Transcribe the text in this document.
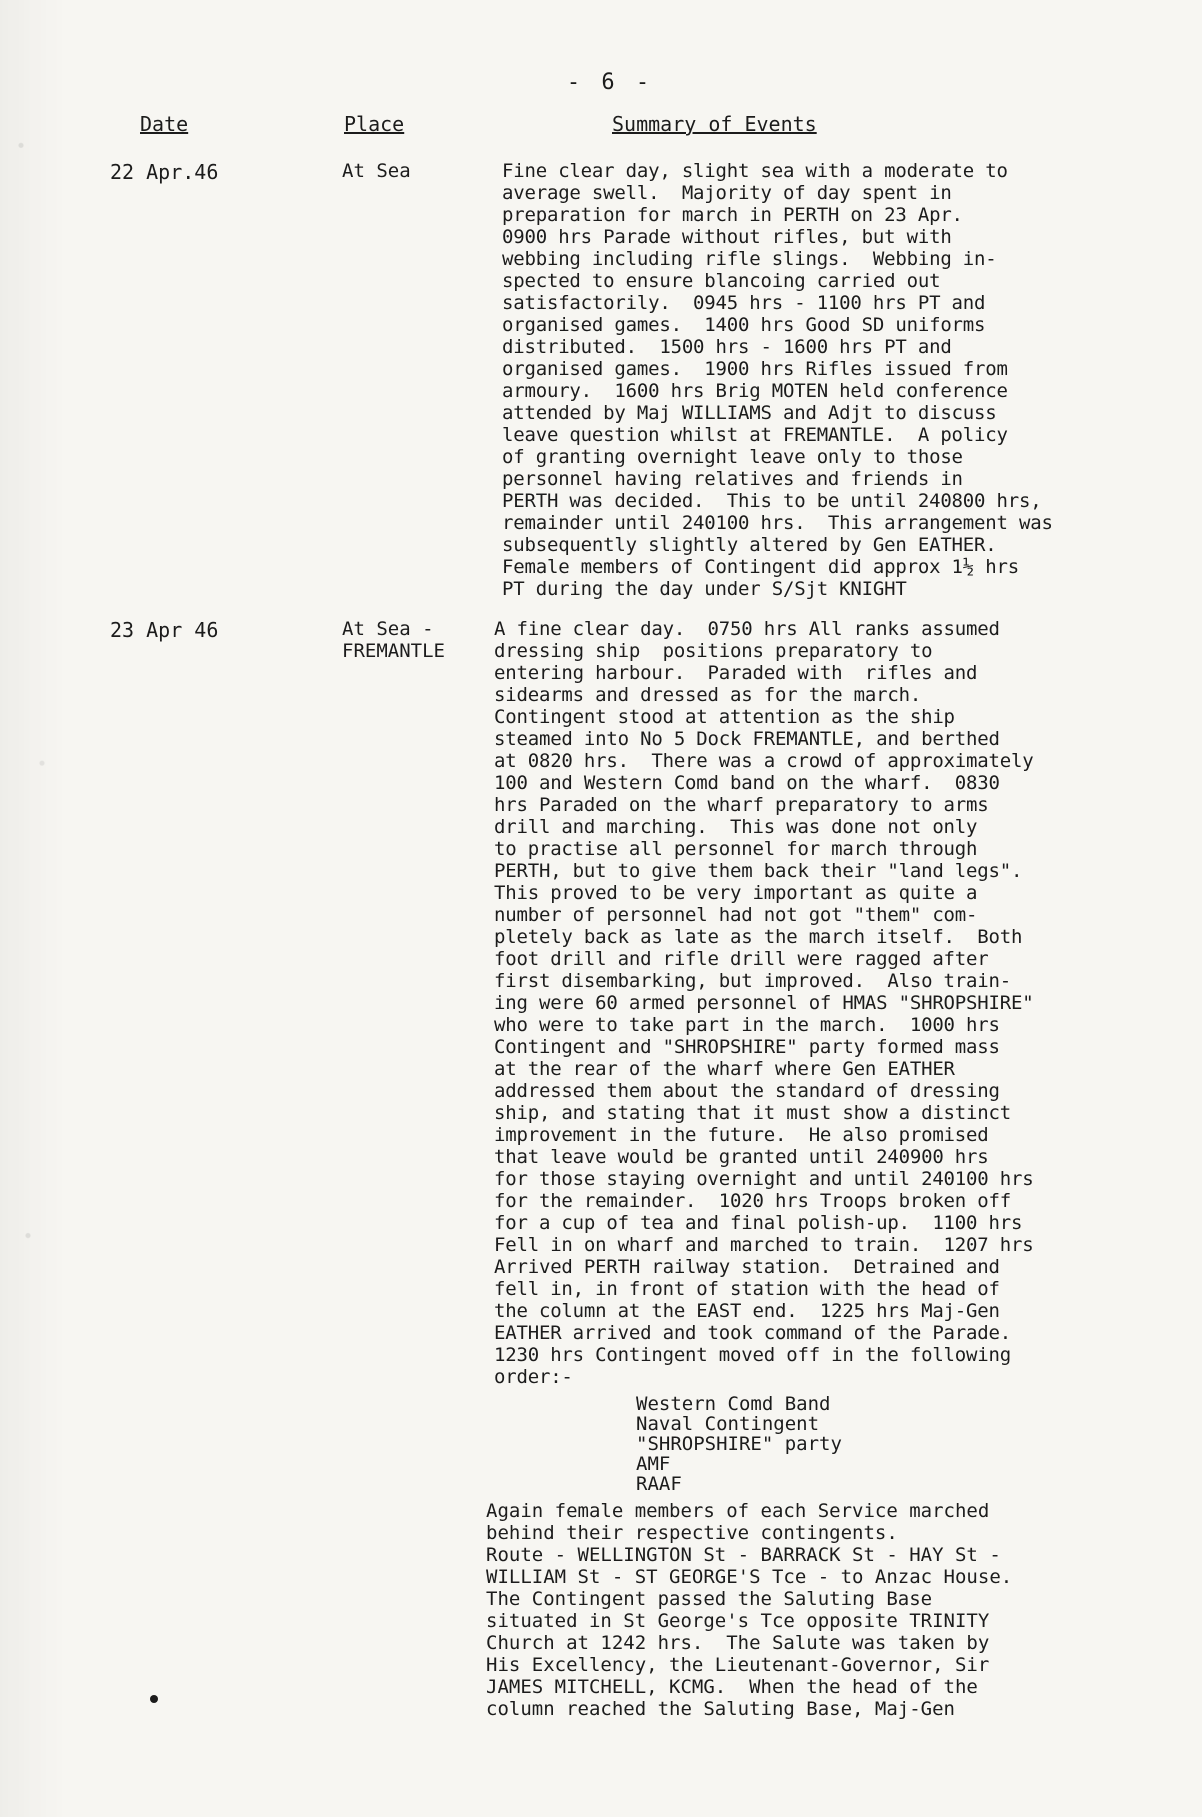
- 6 -
Date	Place	Summary of Events
22 Apr.46	At Sea	Fine clear day, slight sea with a moderate to
average swell.  Majority of day spent in
preparation for march in PERTH on 23 Apr.
0900 hrs Parade without rifles, but with
webbing including rifle slings.  Webbing in-
spected to ensure blancoing carried out
satisfactorily.  0945 hrs - 1100 hrs PT and
organised games.  1400 hrs Good SD uniforms
distributed.  1500 hrs - 1600 hrs PT and
organised games.  1900 hrs Rifles issued from
armoury.  1600 hrs Brig MOTEN held conference
attended by Maj WILLIAMS and Adjt to discuss
leave question whilst at FREMANTLE.  A policy
of granting overnight leave only to those
personnel having relatives and friends in
PERTH was decided.  This to be until 240800 hrs,
remainder until 240100 hrs.  This arrangement was
subsequently slightly altered by Gen EATHER.
Female members of Contingent did approx 1½ hrs
PT during the day under S/Sjt KNIGHT
23 Apr 46	At Sea -
FREMANTLE
A fine clear day.  0750 hrs All ranks assumed
dressing ship  positions preparatory to
entering harbour.  Paraded with  rifles and
sidearms and dressed as for the march.
Contingent stood at attention as the ship
steamed into No 5 Dock FREMANTLE, and berthed
at 0820 hrs.  There was a crowd of approximately
100 and Western Comd band on the wharf.  0830
hrs Paraded on the wharf preparatory to arms
drill and marching.  This was done not only
to practise all personnel for march through
PERTH, but to give them back their "land legs".
This proved to be very important as quite a
number of personnel had not got "them" com-
pletely back as late as the march itself.  Both
foot drill and rifle drill were ragged after
first disembarking, but improved.  Also train-
ing were 60 armed personnel of HMAS "SHROPSHIRE"
who were to take part in the march.  1000 hrs
Contingent and "SHROPSHIRE" party formed mass
at the rear of the wharf where Gen EATHER
addressed them about the standard of dressing
ship, and stating that it must show a distinct
improvement in the future.  He also promised
that leave would be granted until 240900 hrs
for those staying overnight and until 240100 hrs
for the remainder.  1020 hrs Troops broken off
for a cup of tea and final polish-up.  1100 hrs
Fell in on wharf and marched to train.  1207 hrs
Arrived PERTH railway station.  Detrained and
fell in, in front of station with the head of
the column at the EAST end.  1225 hrs Maj-Gen
EATHER arrived and took command of the Parade.
1230 hrs Contingent moved off in the following
order:-
Western Comd Band
Naval Contingent
"SHROPSHIRE" party
AMF
RAAF
Again female members of each Service marched
behind their respective contingents.
Route - WELLINGTON St - BARRACK St - HAY St -
WILLIAM St - ST GEORGE'S Tce - to Anzac House.
The Contingent passed the Saluting Base
situated in St George's Tce opposite TRINITY
Church at 1242 hrs.  The Salute was taken by
His Excellency, the Lieutenant-Governor, Sir
JAMES MITCHELL, KCMG.  When the head of the
column reached the Saluting Base, Maj-Gen
